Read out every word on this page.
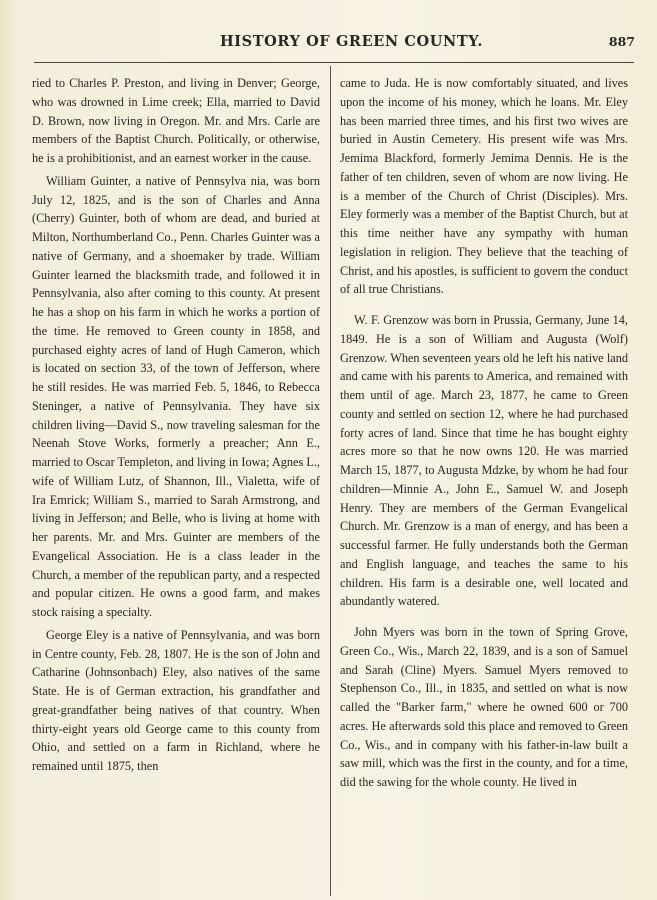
HISTORY OF GREEN COUNTY.	887

ried to Charles P. Preston, and living in Denver; George, who was drowned in Lime creek; Ella, married to David D. Brown, now living in Oregon. Mr. and Mrs. Carle are members of the Baptist Church. Politically, or otherwise, he is a prohibitionist, and an earnest worker in the cause.

William Guinter, a native of Pennsylva nia, was born July 12, 1825, and is the son of Charles and Anna (Cherry) Guinter, both of whom are dead, and buried at Milton, Northumberland Co., Penn. Charles Guinter was a native of Germany, and a shoemaker by trade. William Guinter learned the blacksmith trade, and followed it in Pennsylvania, also after coming to this county. At present he has a shop on his farm in which he works a portion of the time. He removed to Green county in 1858, and purchased eighty acres of land of Hugh Cameron, which is located on section 33, of the town of Jefferson, where he still resides. He was married Feb. 5, 1846, to Rebecca Steninger, a native of Pennsylvania. They have six children living—David S., now traveling salesman for the Neenah Stove Works, formerly a preacher; Ann E., married to Oscar Templeton, and living in Iowa; Agnes L., wife of William Lutz, of Shannon, Ill., Vialetta, wife of Ira Emrick; William S., married to Sarah Armstrong, and living in Jefferson; and Belle, who is living at home with her parents. Mr. and Mrs. Guinter are members of the Evangelical Association. He is a class leader in the Church, a member of the republican party, and a respected and popular citizen. He owns a good farm, and makes stock raising a specialty.

George Eley is a native of Pennsylvania, and was born in Centre county, Feb. 28, 1807. He is the son of John and Catharine (Johnsonbach) Eley, also natives of the same State. He is of German extraction, his grandfather and great-grandfather being natives of that country. When thirty-eight years old George came to this county from Ohio, and settled on a farm in Richland, where he remained until 1875, then

came to Juda. He is now comfortably situated, and lives upon the income of his money, which he loans. Mr. Eley has been married three times, and his first two wives are buried in Austin Cemetery. His present wife was Mrs. Jemima Blackford, formerly Jemima Dennis. He is the father of ten children, seven of whom are now living. He is a member of the Church of Christ (Disciples). Mrs. Eley formerly was a member of the Baptist Church, but at this time neither have any sympathy with human legislation in religion. They believe that the teaching of Christ, and his apostles, is sufficient to govern the conduct of all true Christians.

W. F. Grenzow was born in Prussia, Germany, June 14, 1849. He is a son of William and Augusta (Wolf) Grenzow. When seventeen years old he left his native land and came with his parents to America, and remained with them until of age. March 23, 1877, he came to Green county and settled on section 12, where he had purchased forty acres of land. Since that time he has bought eighty acres more so that he now owns 120. He was married March 15, 1877, to Augusta Mdzke, by whom he had four children—Minnie A., John E., Samuel W. and Joseph Henry. They are members of the German Evangelical Church. Mr. Grenzow is a man of energy, and has been a successful farmer. He fully understands both the German and English language, and teaches the same to his children. His farm is a desirable one, well located and abundantly watered.

John Myers was born in the town of Spring Grove, Green Co., Wis., March 22, 1839, and is a son of Samuel and Sarah (Cline) Myers. Samuel Myers removed to Stephenson Co., Ill., in 1835, and settled on what is now called the "Barker farm," where he owned 600 or 700 acres. He afterwards sold this place and removed to Green Co., Wis., and in company with his father-in-law built a saw mill, which was the first in the county, and for a time, did the sawing for the whole county. He lived in
